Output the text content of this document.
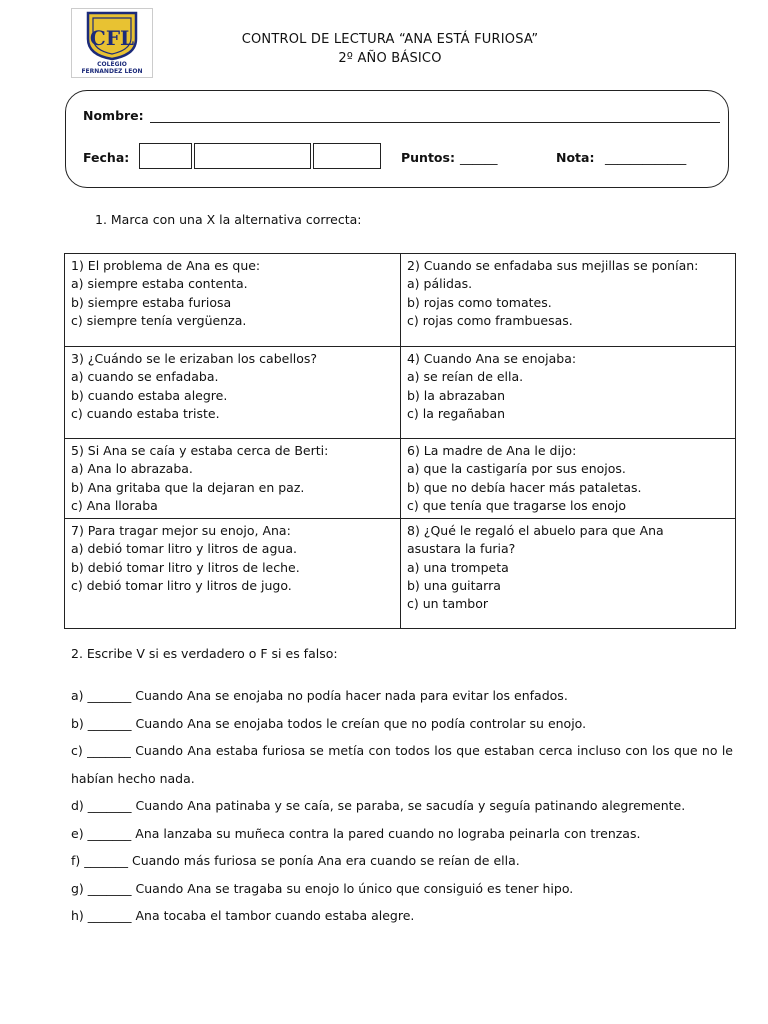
CFL
COLEGIO
FERNANDEZ LEON
CONTROL DE LECTURA “ANA ESTÁ FURIOSA”
2º AÑO BÁSICO
Nombre:
Fecha:	Puntos: ______	Nota: _____________
1. Marca con una X la alternativa correcta:
1) El problema de Ana es que:
a) siempre estaba contenta.
b) siempre estaba furiosa
c) siempre tenía vergüenza.	2) Cuando se enfadaba sus mejillas se ponían:
a) pálidas.
b) rojas como tomates.
c) rojas como frambuesas.

3) ¿Cuándo se le erizaban los cabellos?
a) cuando se enfadaba.
b) cuando estaba alegre.
c) cuando estaba triste.	4) Cuando Ana se enojaba:
a) se reían de ella.
b) la abrazaban
c) la regañaban

5) Si Ana se caía y estaba cerca de Berti:
a) Ana lo abrazaba.
b) Ana gritaba que la dejaran en paz.
c) Ana lloraba	6) La madre de Ana le dijo:
a) que la castigaría por sus enojos.
b) que no debía hacer más pataletas.
c) que tenía que tragarse los enojo

7) Para tragar mejor su enojo, Ana:
a) debió tomar litro y litros de agua.
b) debió tomar litro y litros de leche.
c) debió tomar litro y litros de jugo.	8) ¿Qué le regaló el abuelo para que Ana
asustara la furia?
a) una trompeta
b) una guitarra
c) un tambor
2. Escribe V si es verdadero o F si es falso:
a) _______ Cuando Ana se enojaba no podía hacer nada para evitar los enfados.
b) _______ Cuando Ana se enojaba todos le creían que no podía controlar su enojo.
c) _______ Cuando Ana estaba furiosa se metía con todos los que estaban cerca incluso con los que no le habían hecho nada.
d) _______ Cuando Ana patinaba y se caía, se paraba, se sacudía y seguía patinando alegremente.
e) _______ Ana lanzaba su muñeca contra la pared cuando no lograba peinarla con trenzas.
f) _______ Cuando más furiosa se ponía Ana era cuando se reían de ella.
g) _______ Cuando Ana se tragaba su enojo lo único que consiguió es tener hipo.
h) _______ Ana tocaba el tambor cuando estaba alegre.
